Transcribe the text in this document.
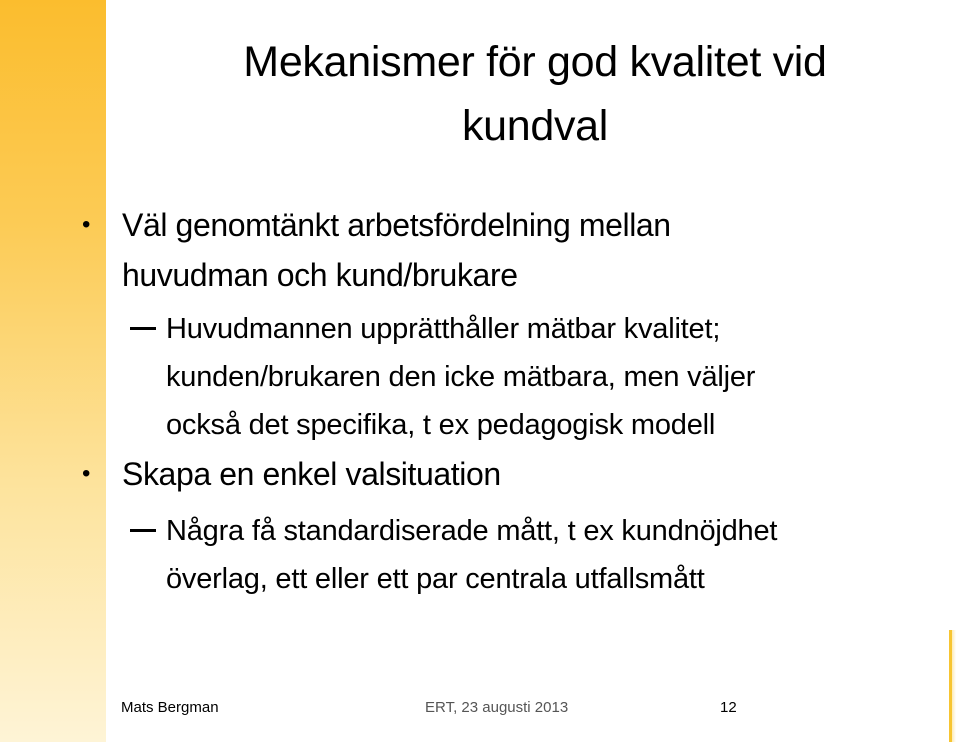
Mekanismer för god kvalitet vid
kundval
• Väl genomtänkt arbetsfördelning mellan
huvudman och kund/brukare
Huvudmannen upprätthåller mätbar kvalitet;
kunden/brukaren den icke mätbara, men väljer
också det specifika, t ex pedagogisk modell
• Skapa en enkel valsituation
Några få standardiserade mått, t ex kundnöjdhet
överlag, ett eller ett par centrala utfallsmått
Mats Bergman	ERT, 23 augusti 2013	12
